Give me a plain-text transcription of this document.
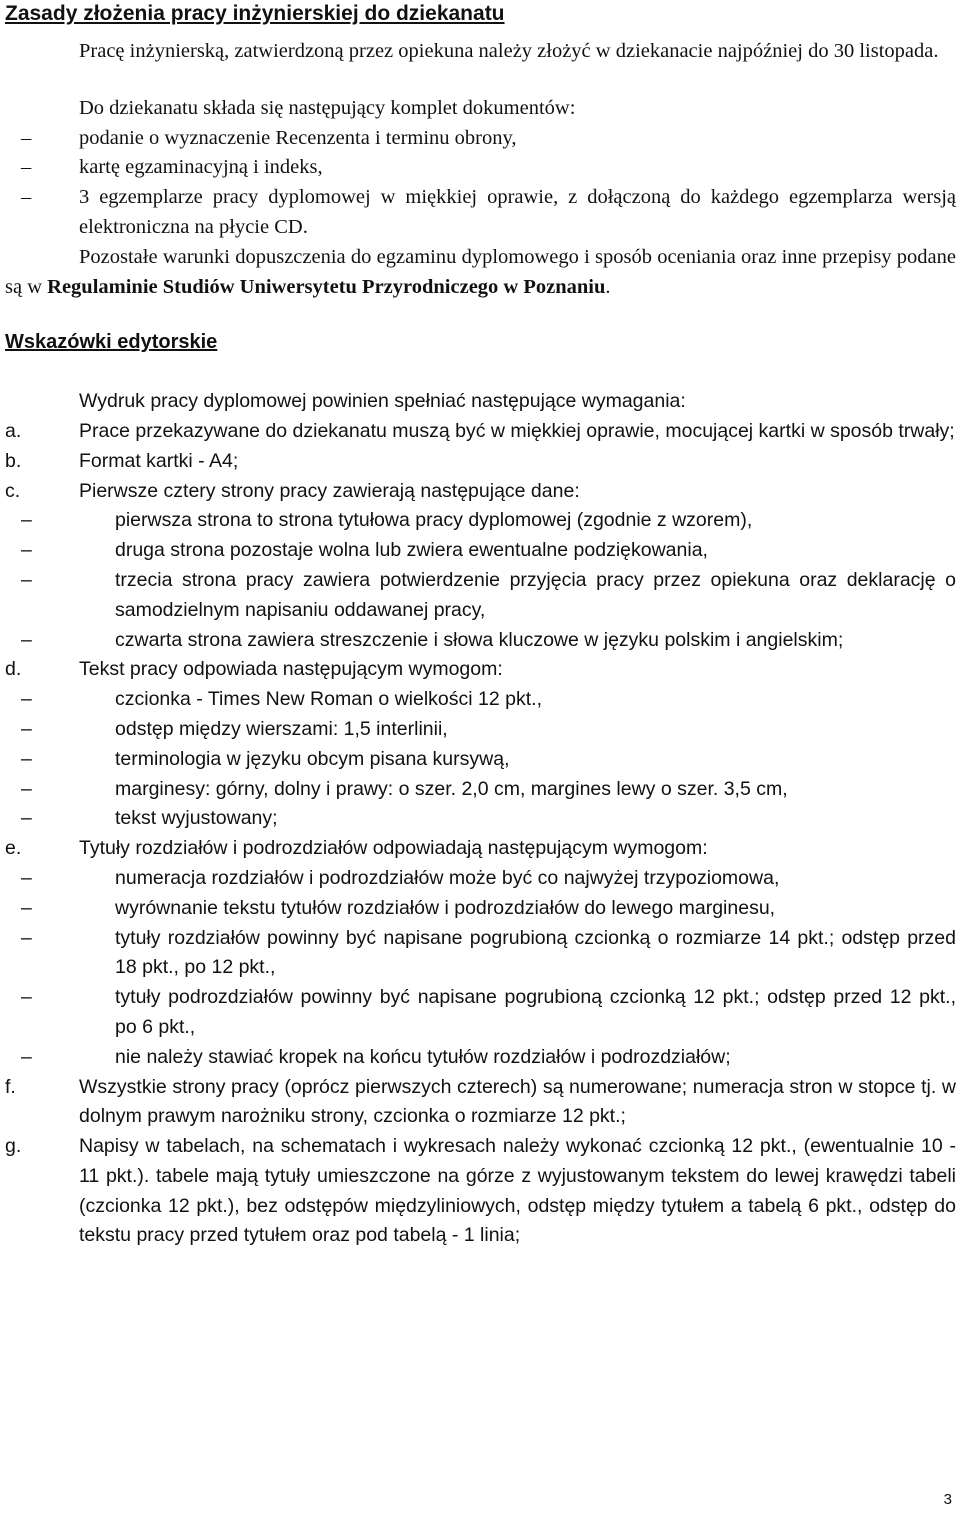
Zasady złożenia pracy inżynierskiej do dziekanatu

Pracę inżynierską, zatwierdzoną przez opiekuna należy złożyć w dziekanacie najpóźniej do 30 listopada.

Do dziekanatu składa się następujący komplet dokumentów:

– podanie o wyznaczenie Recenzenta i terminu obrony,
– kartę egzaminacyjną i indeks,
– 3 egzemplarze pracy dyplomowej w miękkiej oprawie, z dołączoną do każdego egzemplarza wersją elektroniczna na płycie CD.

Pozostałe warunki dopuszczenia do egzaminu dyplomowego i sposób oceniania oraz inne przepisy podane są w Regulaminie Studiów Uniwersytetu Przyrodniczego w Poznaniu.

Wskazówki edytorskie

Wydruk pracy dyplomowej powinien spełniać następujące wymagania:

a.	Prace przekazywane do dziekanatu muszą być w miękkiej oprawie, mocującej kartki w sposób trwały;
b.	Format kartki - A4;
c.	Pierwsze cztery strony pracy zawierają następujące dane:
–	pierwsza strona to strona tytułowa pracy dyplomowej (zgodnie z wzorem),
–	druga strona pozostaje wolna lub zwiera ewentualne podziękowania,
–	trzecia strona pracy zawiera potwierdzenie przyjęcia pracy przez opiekuna oraz deklarację o samodzielnym napisaniu oddawanej pracy,
–	czwarta strona zawiera streszczenie i słowa kluczowe w języku polskim i angielskim;
d.	Tekst pracy odpowiada następującym wymogom:
–	czcionka - Times New Roman o wielkości 12 pkt.,
–	odstęp między wierszami: 1,5 interlinii,
–	terminologia w języku obcym pisana kursywą,
–	marginesy: górny, dolny i prawy: o szer. 2,0 cm, margines lewy o szer. 3,5 cm,
–	tekst wyjustowany;
e.	Tytuły rozdziałów i podrozdziałów odpowiadają następującym wymogom:
–	numeracja rozdziałów i podrozdziałów może być co najwyżej trzypoziomowa,
–	wyrównanie tekstu tytułów rozdziałów i podrozdziałów do lewego marginesu,
–	tytuły rozdziałów powinny być napisane pogrubioną czcionką o rozmiarze 14 pkt.; odstęp przed 18 pkt., po 12 pkt.,
–	tytuły podrozdziałów powinny być napisane pogrubioną czcionką 12 pkt.; odstęp przed 12 pkt., po 6 pkt.,
–	nie należy stawiać kropek na końcu tytułów rozdziałów i podrozdziałów;
f.	Wszystkie strony pracy (oprócz pierwszych czterech) są numerowane; numeracja stron w stopce tj. w dolnym prawym narożniku strony, czcionka o rozmiarze 12 pkt.;
g.	Napisy w tabelach, na schematach i wykresach należy wykonać czcionką 12 pkt., (ewentualnie 10 - 11 pkt.). tabele mają tytuły umieszczone na górze z wyjustowanym tekstem do lewej krawędzi tabeli (czcionka 12 pkt.), bez odstępów międzyliniowych, odstęp między tytułem a tabelą 6 pkt., odstęp do tekstu pracy przed tytułem oraz pod tabelą - 1 linia;
3
